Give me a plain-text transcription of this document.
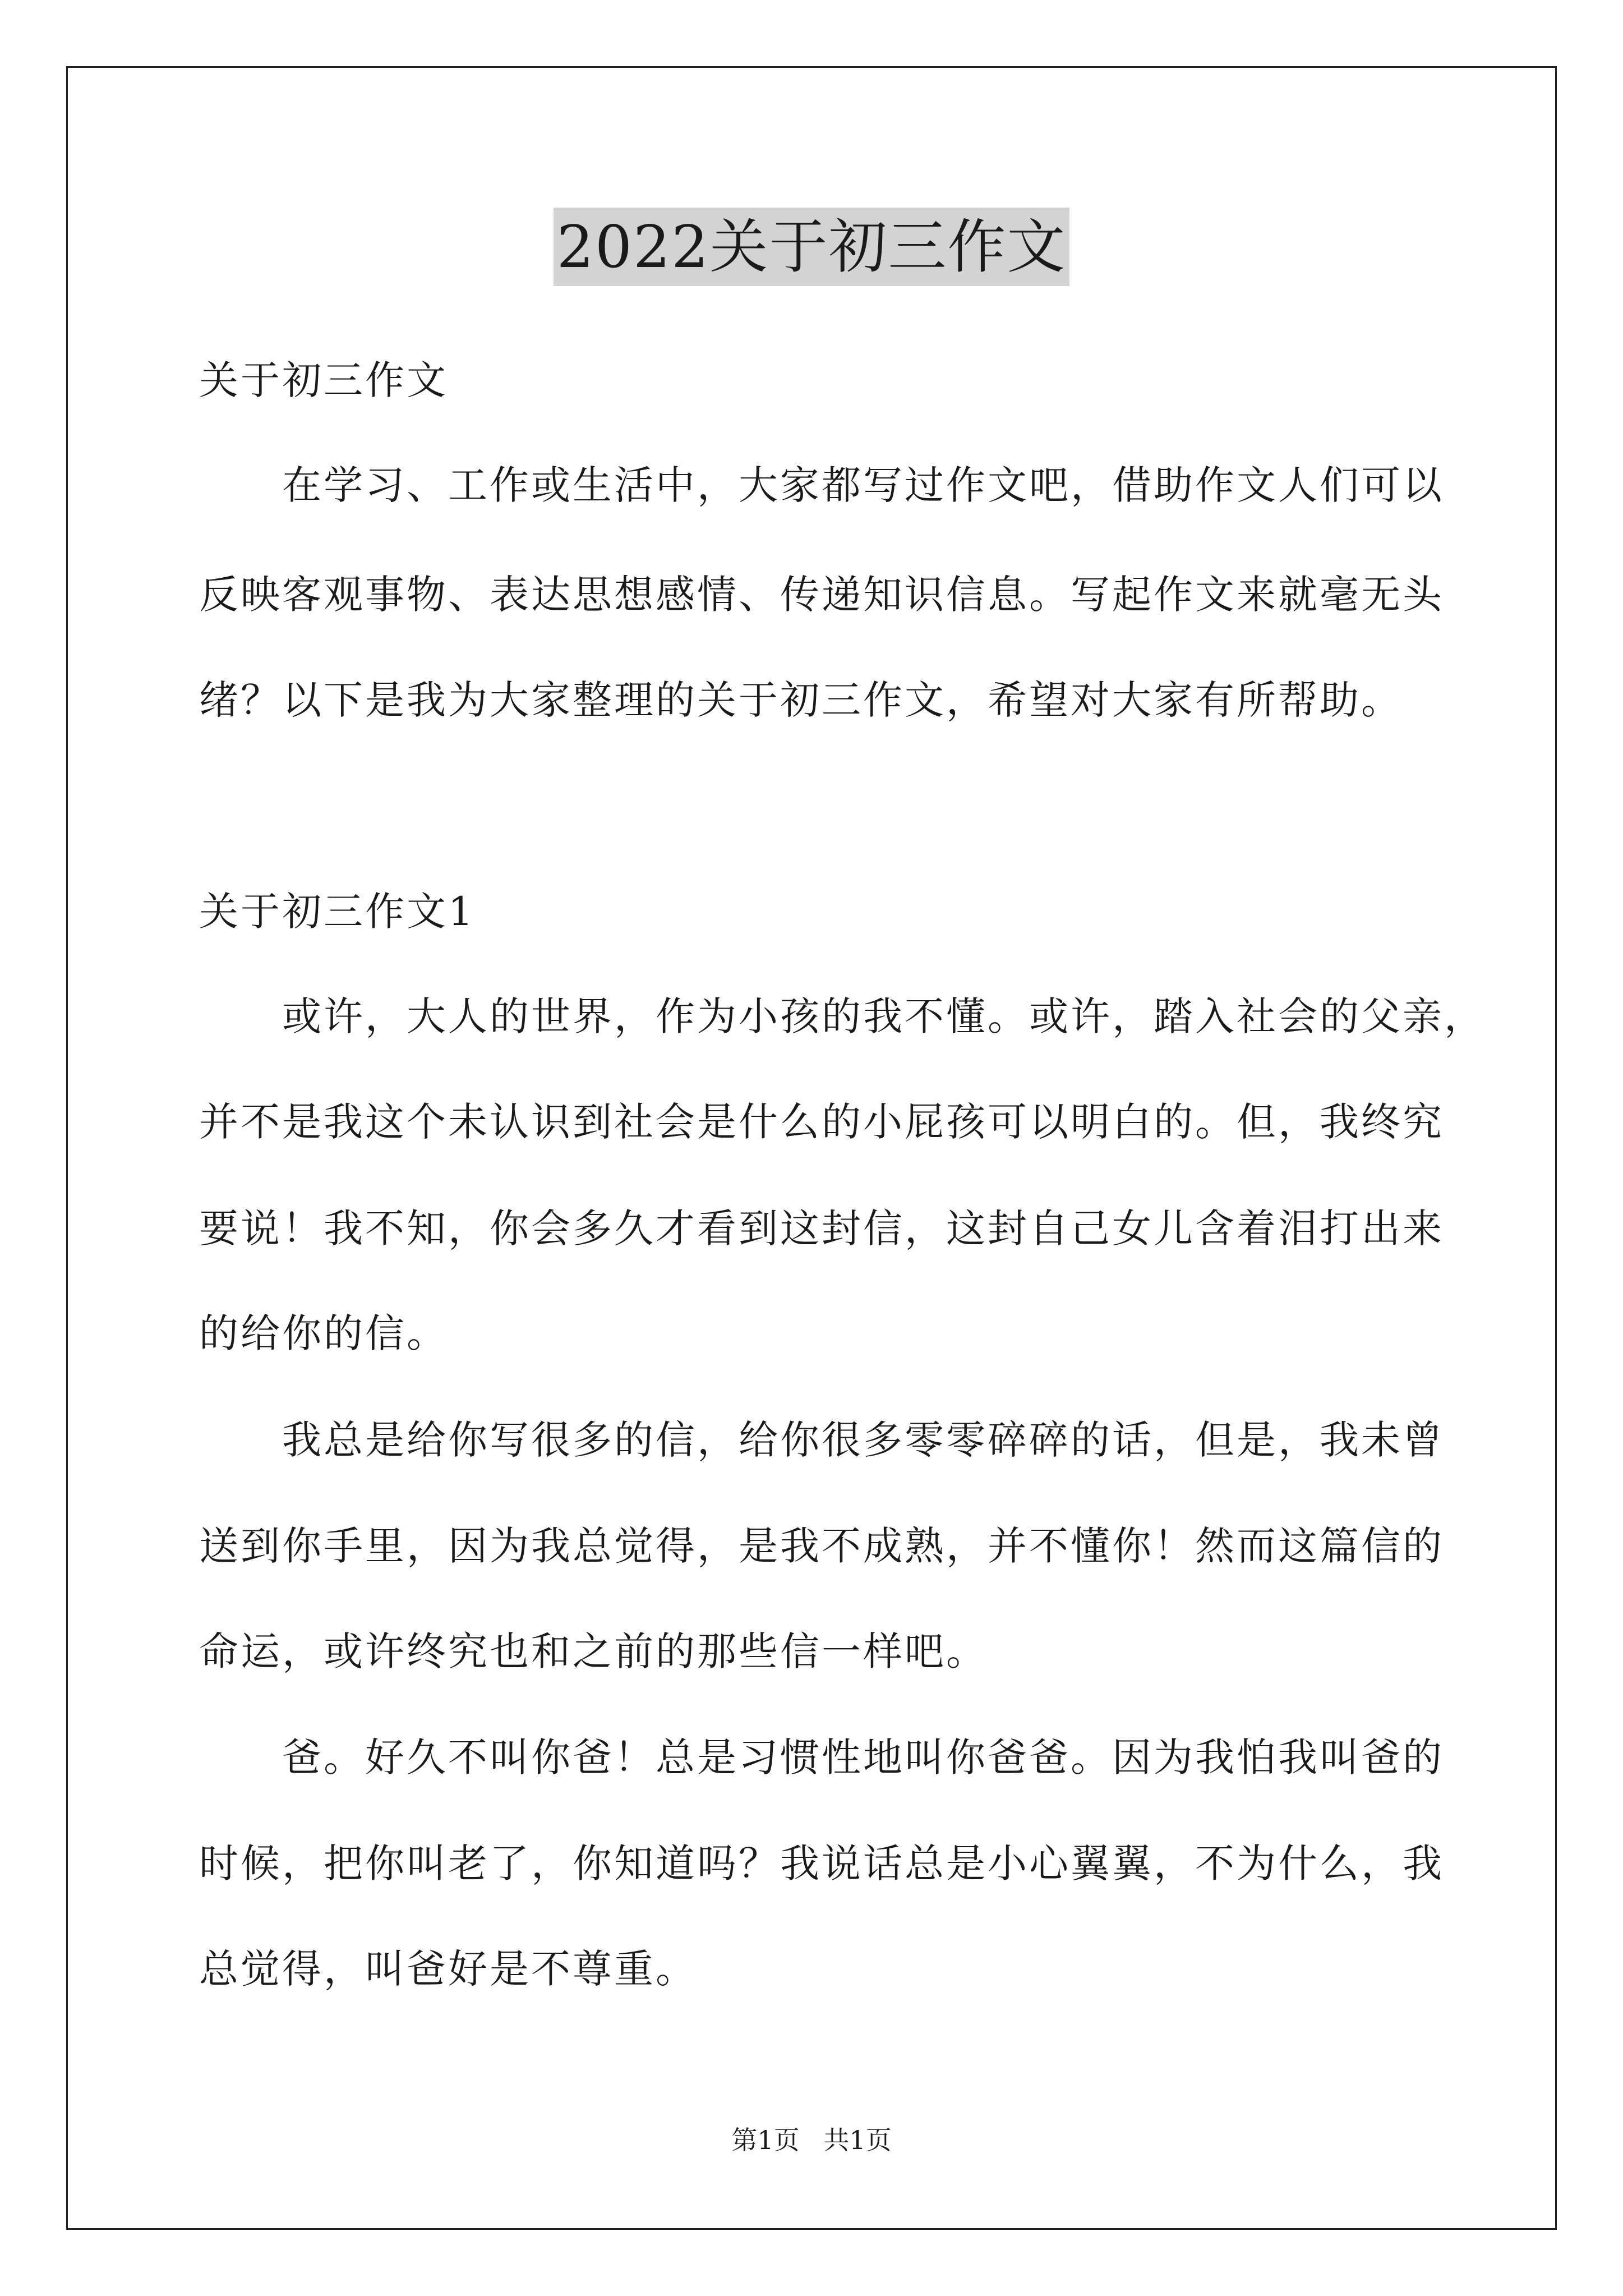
2022关于初三作文
关于初三作文
在学习、工作或生活中，大家都写过作文吧，借助作文人们可以
反映客观事物、表达思想感情、传递知识信息。写起作文来就毫无头
绪？以下是我为大家整理的关于初三作文，希望对大家有所帮助。
关于初三作文1
或许，大人的世界，作为小孩的我不懂。或许，踏入社会的父亲，
并不是我这个未认识到社会是什么的小屁孩可以明白的。但，我终究
要说！我不知，你会多久才看到这封信，这封自己女儿含着泪打出来
的给你的信。
我总是给你写很多的信，给你很多零零碎碎的话，但是，我未曾
送到你手里，因为我总觉得，是我不成熟，并不懂你！然而这篇信的
命运，或许终究也和之前的那些信一样吧。
爸。好久不叫你爸！总是习惯性地叫你爸爸。因为我怕我叫爸的
时候，把你叫老了，你知道吗？我说话总是小心翼翼，不为什么，我
总觉得，叫爸好是不尊重。
第1页 共1页
